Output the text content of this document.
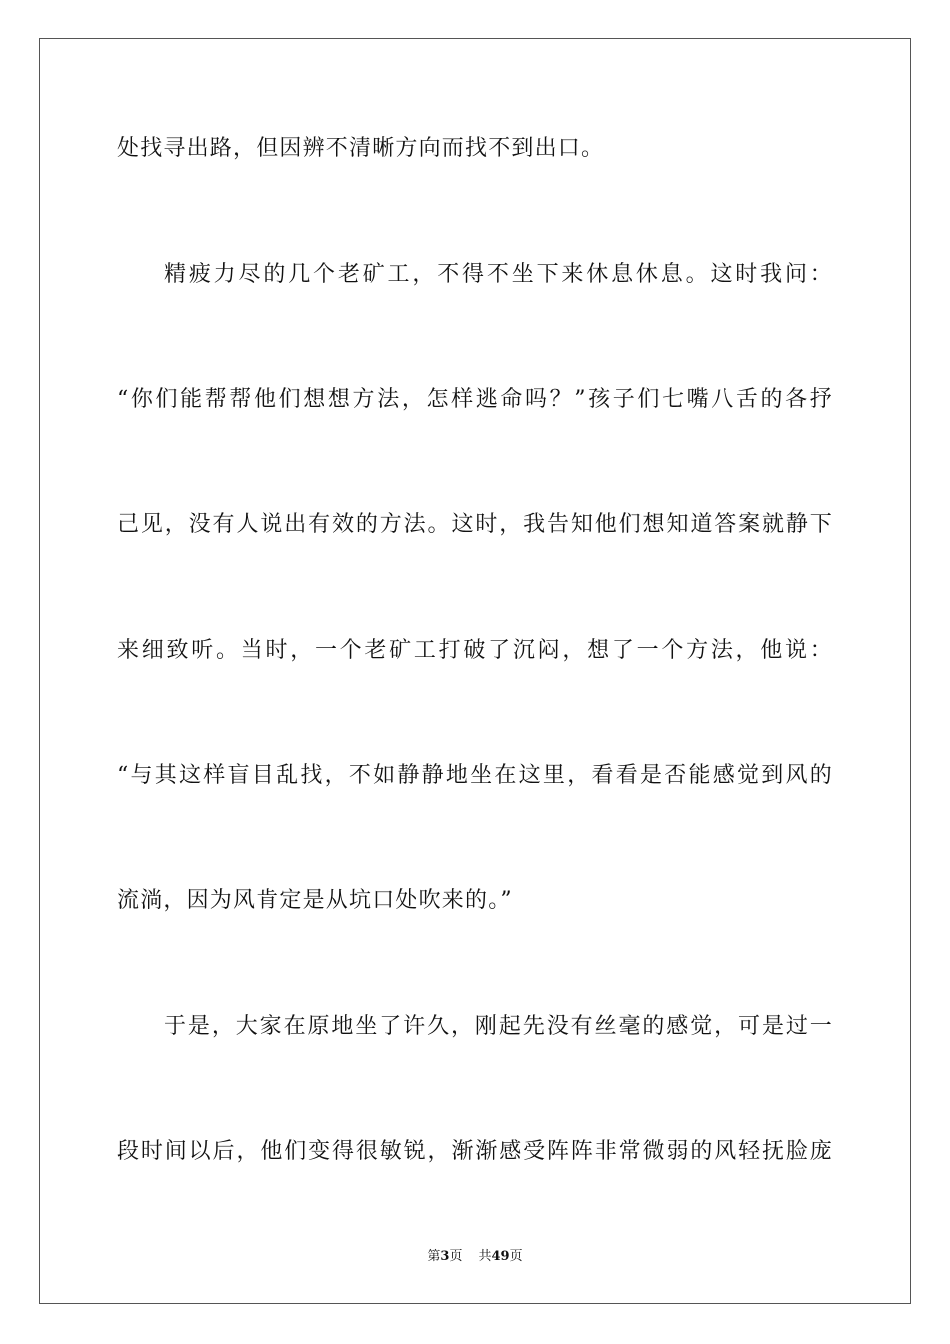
处找寻出路，但因辨不清晰方向而找不到出口。
精疲力尽的几个老矿工，不得不坐下来休息休息。这时我问：
“你们能帮帮他们想想方法，怎样逃命吗？”孩子们七嘴八舌的各抒
己见，没有人说出有效的方法。这时，我告知他们想知道答案就静下
来细致听。当时，一个老矿工打破了沉闷，想了一个方法，他说：
“与其这样盲目乱找，不如静静地坐在这里，看看是否能感觉到风的
流淌，因为风肯定是从坑口处吹来的。”
于是，大家在原地坐了许久，刚起先没有丝毫的感觉，可是过一
段时间以后，他们变得很敏锐，渐渐感受阵阵非常微弱的风轻抚脸庞
第3页 共49页
